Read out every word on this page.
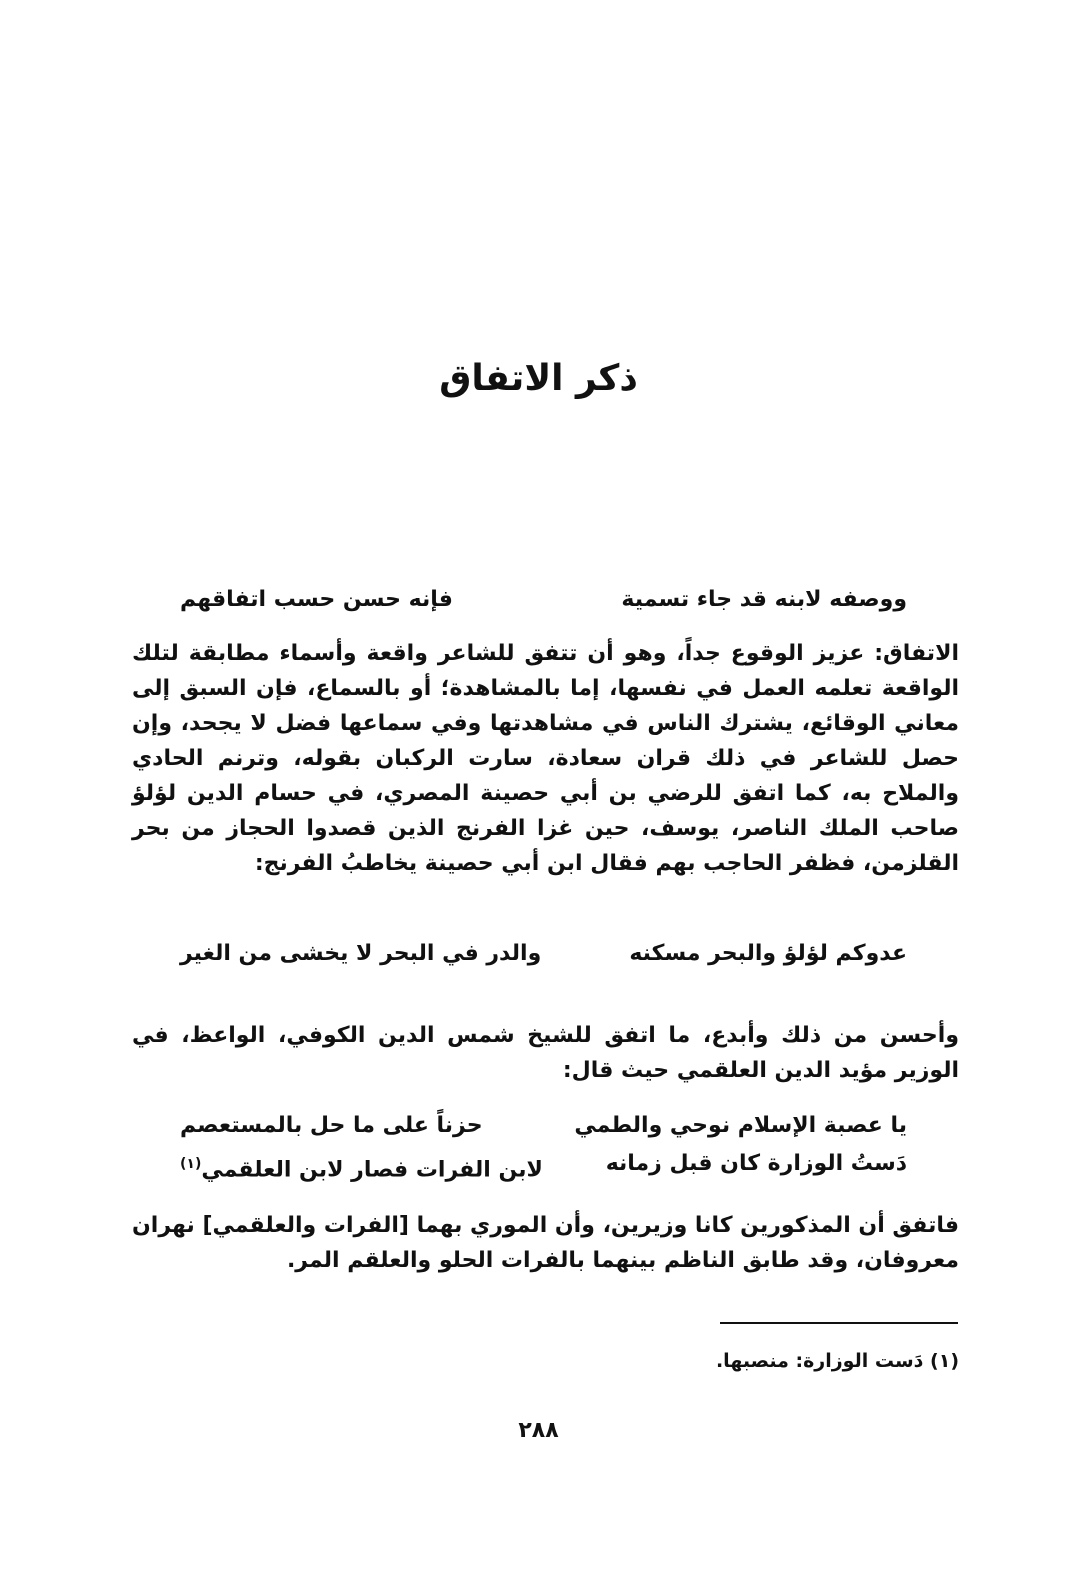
ذكر الاتفاق
ووصفه لابنه قد جاء تسمية
فإنه حسن حسب اتفاقهم
الاتفاق: عزيز الوقوع جداً، وهو أن تتفق للشاعر واقعة وأسماء مطابقة لتلك الواقعة تعلمه العمل في نفسها، إما بالمشاهدة؛ أو بالسماع، فإن السبق إلى معاني الوقائع، يشترك الناس في مشاهدتها وفي سماعها فضل لا يجحد، وإن حصل للشاعر في ذلك قران سعادة، سارت الركبان بقوله، وترنم الحادي والملاح به، كما اتفق للرضي بن أبي حصينة المصري، في حسام الدين لؤلؤ صاحب الملك الناصر، يوسف، حين غزا الفرنج الذين قصدوا الحجاز من بحر القلزمن، فظفر الحاجب بهم فقال ابن أبي حصينة يخاطبُ الفرنج:
عدوكم لؤلؤ والبحر مسكنه
والدر في البحر لا يخشى من الغير
وأحسن من ذلك وأبدع، ما اتفق للشيخ شمس الدين الكوفي، الواعظ، في الوزير مؤيد الدين العلقمي حيث قال:
يا عصبة الإسلام نوحي والطمي
حزناً على ما حل بالمستعصم
دَستُ الوزارة كان قبل زمانه
لابن الفرات فصار لابن العلقمي$^{(١)}$
فاتفق أن المذكورين كانا وزيرين، وأن الموري بهما [الفرات والعلقمي] نهران معروفان، وقد طابق الناظم بينهما بالفرات الحلو والعلقم المر.
(١) دَست الوزارة: منصبها.
٢٨٨
